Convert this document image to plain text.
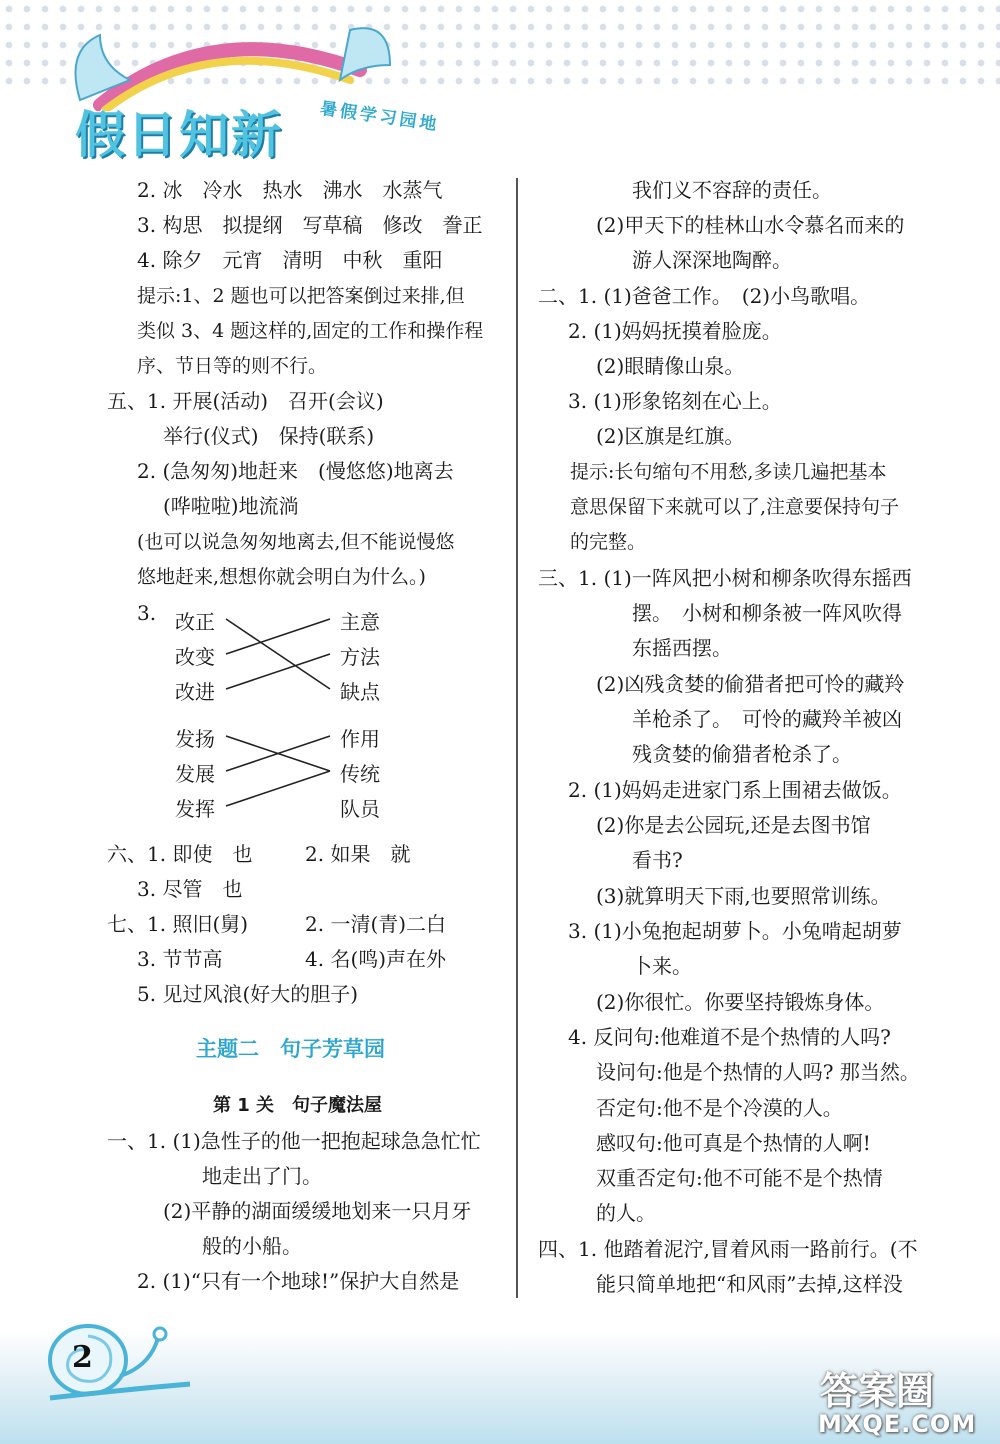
假日知新 暑假学习园地
2. 冰　冷水　热水　沸水　水蒸气
3. 构思　拟提纲　写草稿　修改　誊正
4. 除夕　元宵　清明　中秋　重阳
提示:1、2 题也可以把答案倒过来排,但
类似 3、4 题这样的,固定的工作和操作程
序、节日等的则不行。
五、1. 开展(活动)　召开(会议)
举行(仪式)　保持(联系)
2. (急匆匆)地赶来　(慢悠悠)地离去
(哗啦啦)地流淌
(也可以说急匆匆地离去,但不能说慢悠
悠地赶来,想想你就会明白为什么。)
3. 改正
改变
改进
主意
方法
缺点
发扬
发展
发挥
作用
传统
队员
六、1. 即使　也	2. 如果　就
3. 尽管　也
七、1. 照旧(舅)	2. 一清(青)二白
3. 节节高	4. 名(鸣)声在外
5. 见过风浪(好大的胆子)
主题二　句子芳草园
第 1 关　句子魔法屋
一、1. (1)急性子的他一把抱起球急急忙忙
地走出了门。
(2)平静的湖面缓缓地划来一只月牙
般的小船。
2. (1)“只有一个地球!”保护大自然是
我们义不容辞的责任。
(2)甲天下的桂林山水令慕名而来的
游人深深地陶醉。
二、1. (1)爸爸工作。　(2)小鸟歌唱。
2. (1)妈妈抚摸着脸庞。
(2)眼睛像山泉。
3. (1)形象铭刻在心上。
(2)区旗是红旗。
提示:长句缩句不用愁,多读几遍把基本
意思保留下来就可以了,注意要保持句子
的完整。
三、1. (1)一阵风把小树和柳条吹得东摇西
摆。　小树和柳条被一阵风吹得
东摇西摆。
(2)凶残贪婪的偷猎者把可怜的藏羚
羊枪杀了。　可怜的藏羚羊被凶
残贪婪的偷猎者枪杀了。
2. (1)妈妈走进家门系上围裙去做饭。
(2)你是去公园玩,还是去图书馆
看书?
(3)就算明天下雨,也要照常训练。
3. (1)小兔抱起胡萝卜。小兔啃起胡萝
卜来。
(2)你很忙。你要坚持锻炼身体。
4. 反问句:他难道不是个热情的人吗?
设问句:他是个热情的人吗? 那当然。
否定句:他不是个冷漠的人。
感叹句:他可真是个热情的人啊!
双重否定句:他不可能不是个热情
的人。
四、1. 他踏着泥泞,冒着风雨一路前行。(不
能只简单地把“和风雨”去掉,这样没
2
答案圈
MXQE.COM
